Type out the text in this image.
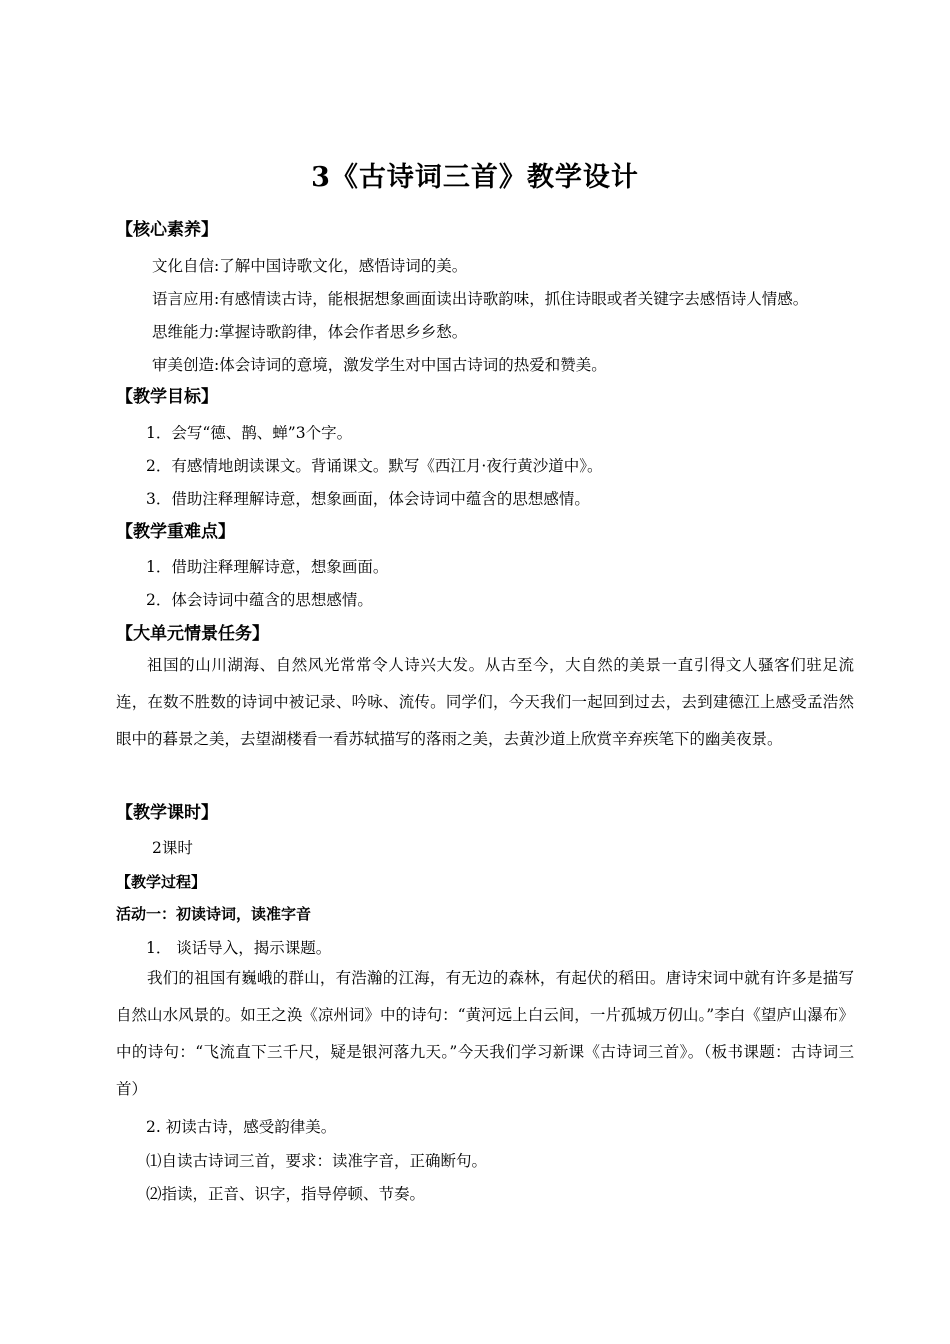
3《古诗词三首》教学设计
【核心素养】
文化自信:了解中国诗歌文化，感悟诗词的美。
语言应用:有感情读古诗，能根据想象画面读出诗歌韵味，抓住诗眼或者关键字去感悟诗人情感。
思维能力:掌握诗歌韵律，体会作者思乡乡愁。
审美创造:体会诗词的意境，激发学生对中国古诗词的热爱和赞美。
【教学目标】
1．会写“德、鹊、蝉”3个字。
2．有感情地朗读课文。背诵课文。默写《西江月·夜行黄沙道中》。
3．借助注释理解诗意，想象画面，体会诗词中蕴含的思想感情。
【教学重难点】
1．借助注释理解诗意，想象画面。
2．体会诗词中蕴含的思想感情。
【大单元情景任务】
祖国的山川湖海、自然风光常常令人诗兴大发。从古至今，大自然的美景一直引得文人骚客们驻足流连，在数不胜数的诗词中被记录、吟咏、流传。同学们，今天我们一起回到过去，去到建德江上感受孟浩然眼中的暮景之美，去望湖楼看一看苏轼描写的落雨之美，去黄沙道上欣赏辛弃疾笔下的幽美夜景。
【教学课时】
2课时
【教学过程】
活动一：初读诗词，读准字音
1． 谈话导入，揭示课题。
我们的祖国有巍峨的群山，有浩瀚的江海，有无边的森林，有起伏的稻田。唐诗宋词中就有许多是描写自然山水风景的。如王之涣《凉州词》中的诗句：“黄河远上白云间，一片孤城万仞山。”李白《望庐山瀑布》中的诗句：“飞流直下三千尺，疑是银河落九天。”今天我们学习新课《古诗词三首》。（板书课题：古诗词三首）
2. 初读古诗，感受韵律美。
⑴自读古诗词三首，要求：读准字音，正确断句。
⑵指读，正音、识字，指导停顿、节奏。
